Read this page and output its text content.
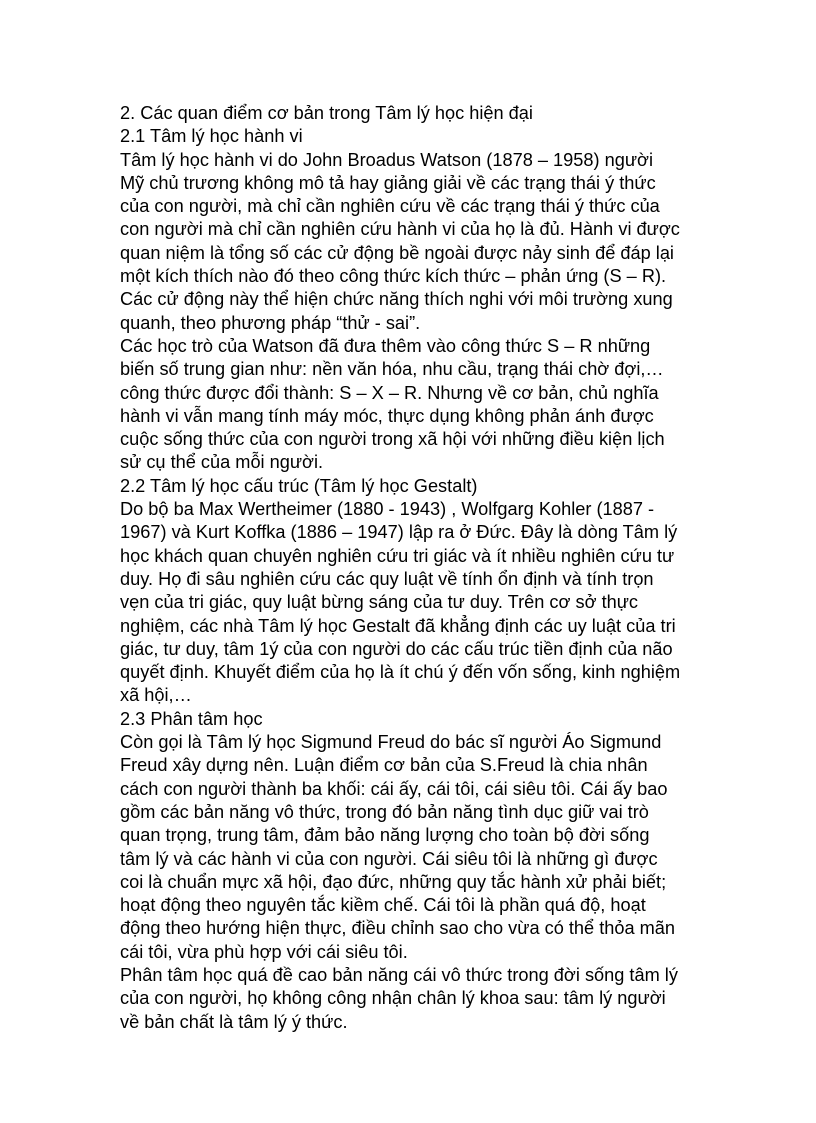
2. Các quan điểm cơ bản trong Tâm lý học hiện đại
2.1 Tâm lý học hành vi
Tâm lý học hành vi do John Broadus Watson (1878 – 1958) người
Mỹ chủ trương không mô tả hay giảng giải về các trạng thái ý thức
của con người, mà chỉ cần nghiên cứu về các trạng thái ý thức của
con người mà chỉ cần nghiên cứu hành vi của họ là đủ. Hành vi được
quan niệm là tổng số các cử động bề ngoài được nảy sinh để đáp lại
một kích thích nào đó theo công thức kích thức – phản ứng (S – R).
Các cử động này thể hiện chức năng thích nghi với môi trường xung
quanh, theo phương pháp “thử - sai”.
Các học trò của Watson đã đưa thêm vào công thức S – R những
biến số trung gian như: nền văn hóa, nhu cầu, trạng thái chờ đợi,…
công thức được đổi thành: S – X – R. Nhưng về cơ bản, chủ nghĩa
hành vi vẫn mang tính máy móc, thực dụng không phản ánh được
cuộc sống thức của con người trong xã hội với những điều kiện lịch
sử cụ thể của mỗi người.
2.2 Tâm lý học cấu trúc (Tâm lý học Gestalt)
Do bộ ba Max Wertheimer (1880 - 1943) , Wolfgarg Kohler (1887 -
1967) và Kurt Koffka (1886 – 1947) lập ra ở Đức. Đây là dòng Tâm lý
học khách quan chuyên nghiên cứu tri giác và ít nhiều nghiên cứu tư
duy. Họ đi sâu nghiên cứu các quy luật về tính ổn định và tính trọn
vẹn của tri giác, quy luật bừng sáng của tư duy. Trên cơ sở thực
nghiệm, các nhà Tâm lý học Gestalt đã khẳng định các uy luật của tri
giác, tư duy, tâm 1ý của con người do các cấu trúc tiền định của não
quyết định. Khuyết điểm của họ là ít chú ý đến vốn sống, kinh nghiệm
xã hội,…
2.3 Phân tâm học
Còn gọi là Tâm lý học Sigmund Freud do bác sĩ người Áo Sigmund
Freud xây dựng nên. Luận điểm cơ bản của S.Freud là chia nhân
cách con người thành ba khối: cái ấy, cái tôi, cái siêu tôi. Cái ấy bao
gồm các bản năng vô thức, trong đó bản năng tình dục giữ vai trò
quan trọng, trung tâm, đảm bảo năng lượng cho toàn bộ đời sống
tâm lý và các hành vi của con người. Cái siêu tôi là những gì được
coi là chuẩn mực xã hội, đạo đức, những quy tắc hành xử phải biết;
hoạt động theo nguyên tắc kiềm chế. Cái tôi là phần quá độ, hoạt
động theo hướng hiện thực, điều chỉnh sao cho vừa có thể thỏa mãn
cái tôi, vừa phù hợp với cái siêu tôi.
Phân tâm học quá đề cao bản năng cái vô thức trong đời sống tâm lý
của con người, họ không công nhận chân lý khoa sau: tâm lý người
về bản chất là tâm lý ý thức.
